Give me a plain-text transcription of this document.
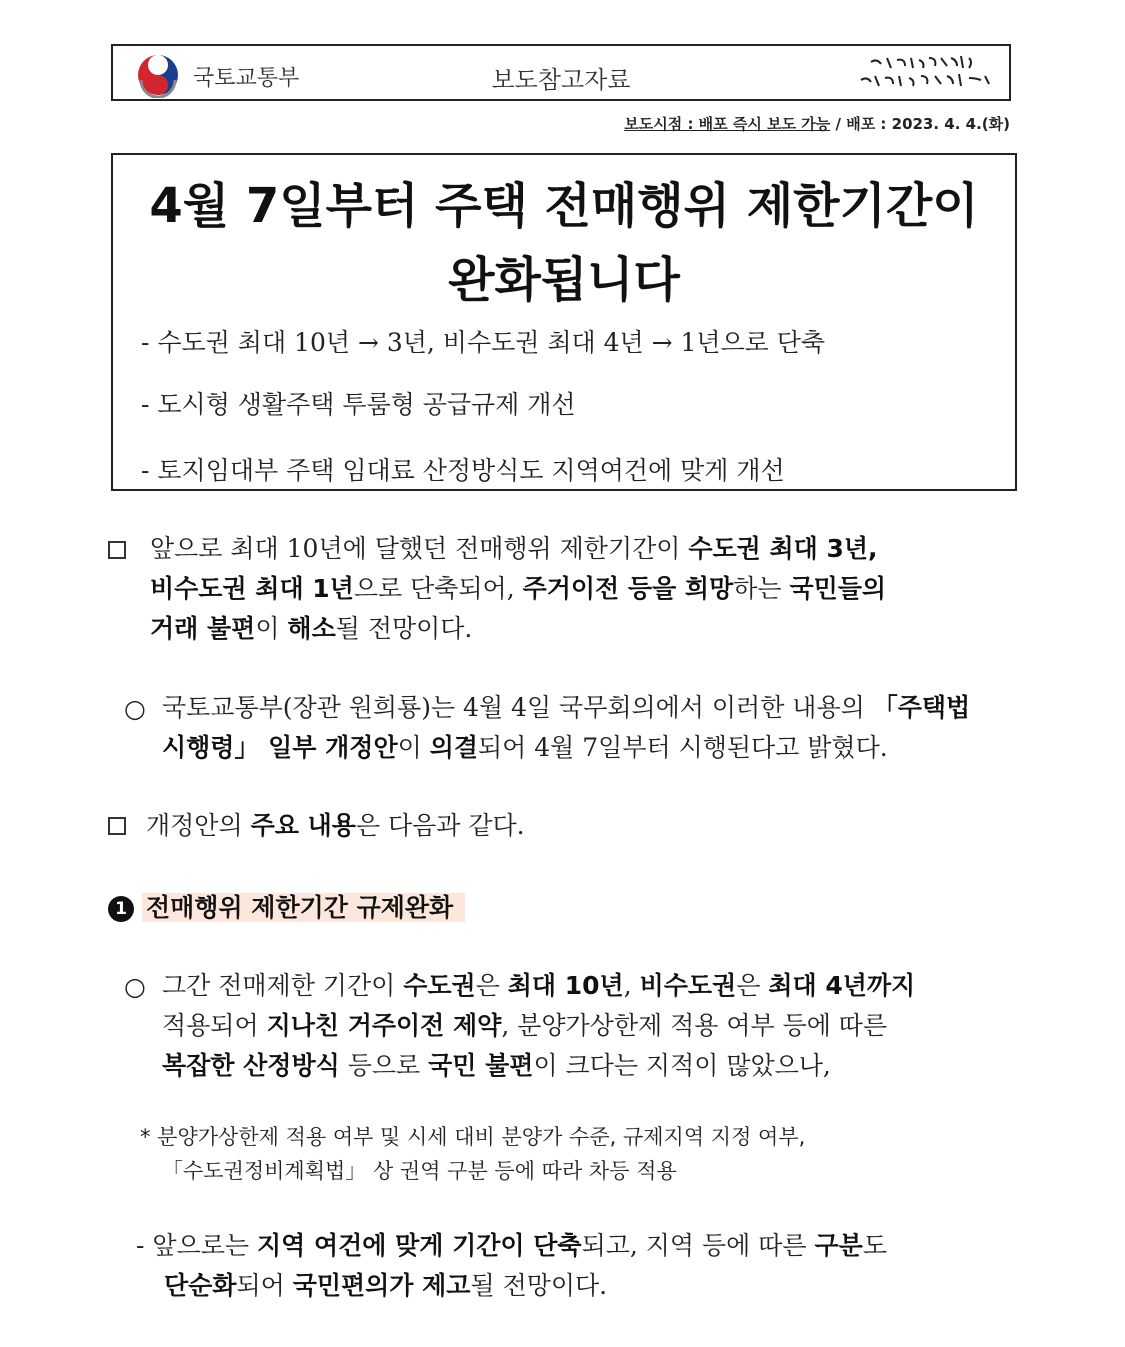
국토교통부	보도참고자료
보도시점 : 배포 즉시 보도 가능 / 배포 : 2023. 4. 4.(화)
4월 7일부터 주택 전매행위 제한기간이
완화됩니다
- 수도권 최대 10년 → 3년, 비수도권 최대 4년 → 1년으로 단축
- 도시형 생활주택 투룸형 공급규제 개선
- 토지임대부 주택 임대료 산정방식도 지역여건에 맞게 개선
앞으로 최대 10년에 달했던 전매행위 제한기간이 수도권 최대 3년,
비수도권 최대 1년으로 단축되어, 주거이전 등을 희망하는 국민들의
거래 불편이 해소될 전망이다.
○ 국토교통부(장관 원희룡)는 4월 4일 국무회의에서 이러한 내용의 「주택법
시행령」 일부 개정안이 의결되어 4월 7일부터 시행된다고 밝혔다.
개정안의 주요 내용은 다음과 같다.
1 전매행위 제한기간 규제완화
○ 그간 전매제한 기간이 수도권은 최대 10년, 비수도권은 최대 4년까지
적용되어 지나친 거주이전 제약, 분양가상한제 적용 여부 등에 따른
복잡한 산정방식 등으로 국민 불편이 크다는 지적이 많았으나,
* 분양가상한제 적용 여부 및 시세 대비 분양가 수준, 규제지역 지정 여부,
「수도권정비계획법」 상 권역 구분 등에 따라 차등 적용
- 앞으로는 지역 여건에 맞게 기간이 단축되고, 지역 등에 따른 구분도
단순화되어 국민편의가 제고될 전망이다.
